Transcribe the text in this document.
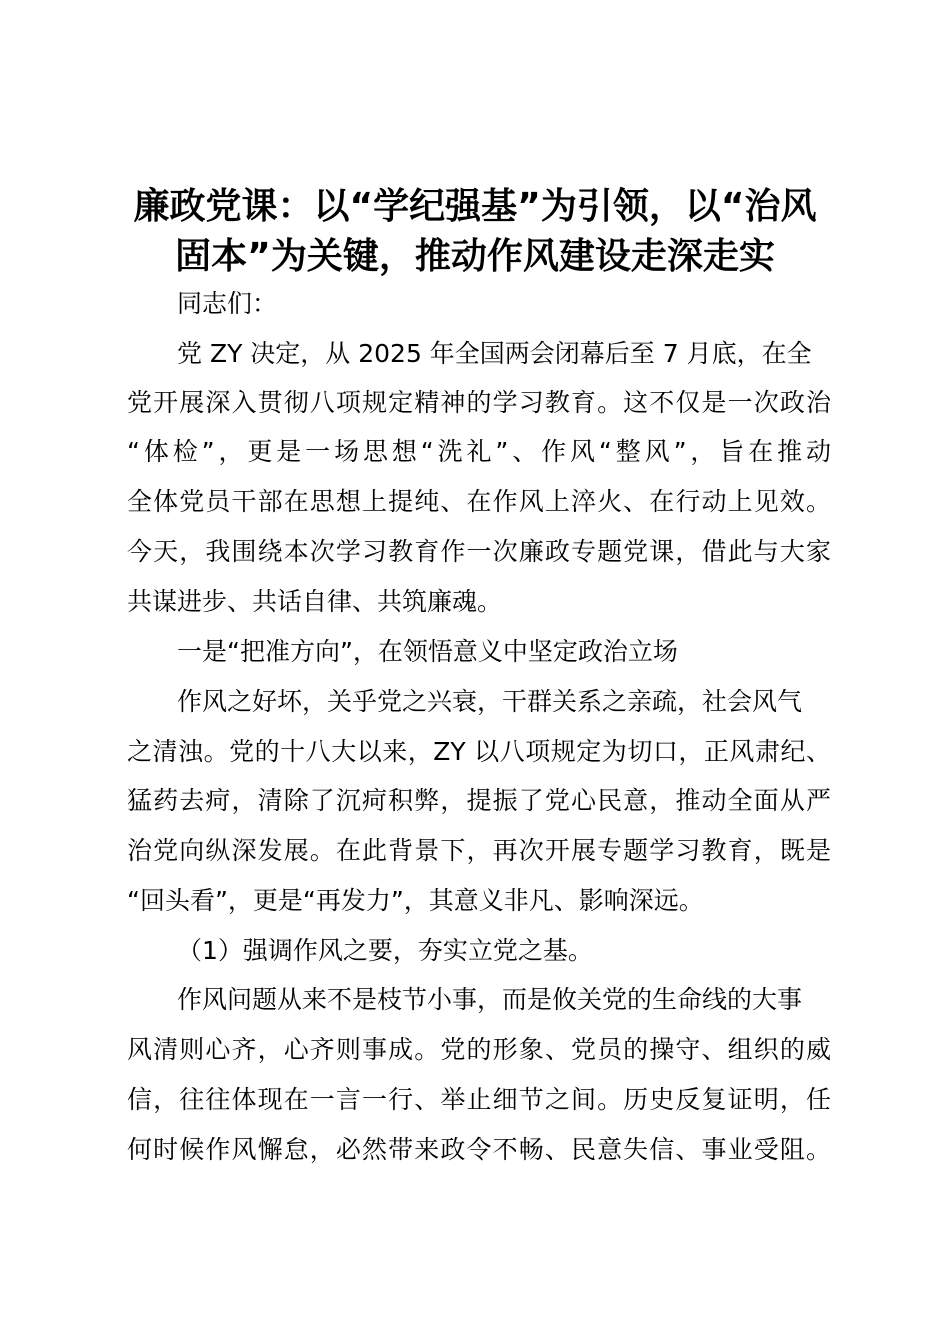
廉政党课：以“学纪强基”为引领，以“治风
固本”为关键，推动作风建设走深走实
同志们：
党 ZY 决定，从 2025 年全国两会闭幕后至 7 月底，在全
党开展深入贯彻八项规定精神的学习教育。这不仅是一次政治
“体检”，更是一场思想“洗礼”、作风“整风”，旨在推动
全体党员干部在思想上提纯、在作风上淬火、在行动上见效。
今天，我围绕本次学习教育作一次廉政专题党课，借此与大家
共谋进步、共话自律、共筑廉魂。
一是“把准方向”，在领悟意义中坚定政治立场
作风之好坏，关乎党之兴衰，干群关系之亲疏，社会风气
之清浊。党的十八大以来，ZY 以八项规定为切口，正风肃纪、
猛药去疴，清除了沉疴积弊，提振了党心民意，推动全面从严
治党向纵深发展。在此背景下，再次开展专题学习教育，既是
“回头看”，更是“再发力”，其意义非凡、影响深远。
（1）强调作风之要，夯实立党之基。
作风问题从来不是枝节小事，而是攸关党的生命线的大事
风清则心齐，心齐则事成。党的形象、党员的操守、组织的威
信，往往体现在一言一行、举止细节之间。历史反复证明，任
何时候作风懈怠，必然带来政令不畅、民意失信、事业受阻。
